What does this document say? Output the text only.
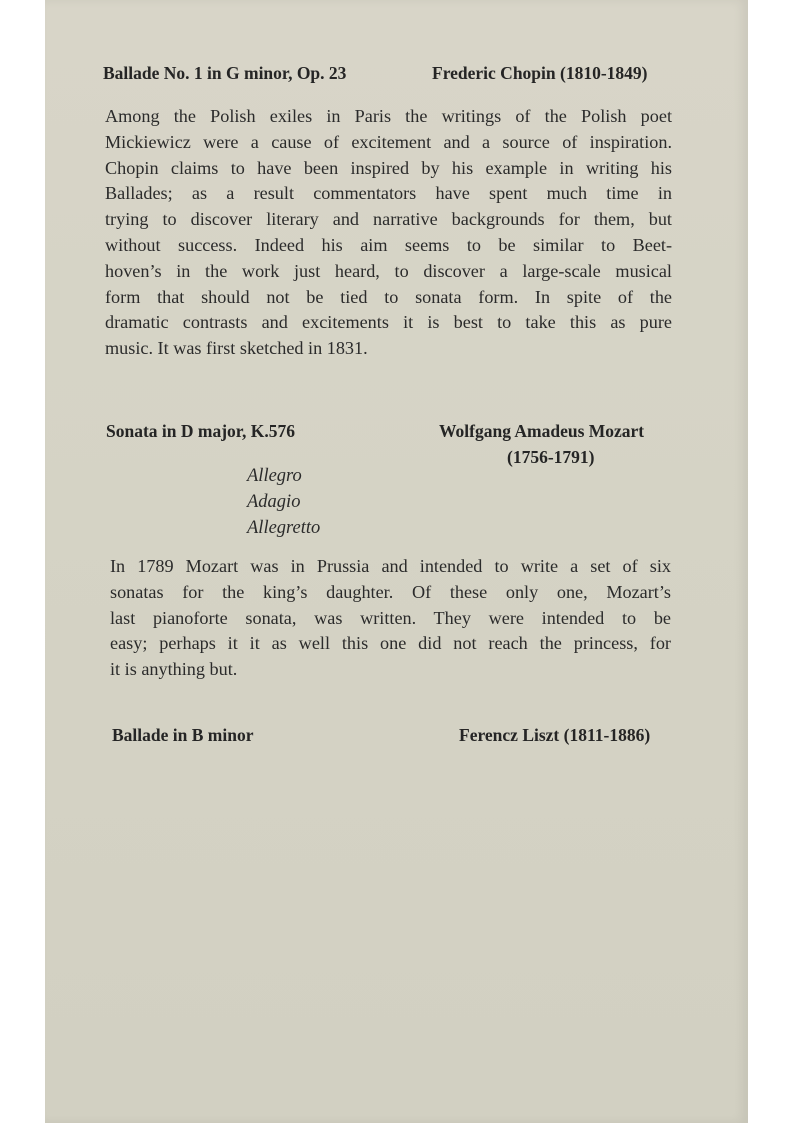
Ballade No. 1 in G minor, Op. 23	Frederic Chopin (1810-1849)
Among the Polish exiles in Paris the writings of the Polish poet
Mickiewicz were a cause of excitement and a source of inspiration.
Chopin claims to have been inspired by his example in writing his
Ballades; as a result commentators have spent much time in
trying to discover literary and narrative backgrounds for them, but
without success. Indeed his aim seems to be similar to Beet-
hoven’s in the work just heard, to discover a large-scale musical
form that should not be tied to sonata form. In spite of the
dramatic contrasts and excitements it is best to take this as pure
music. It was first sketched in 1831.
Sonata in D major, K.576	Wolfgang Amadeus Mozart
(1756-1791)
Allegro
Adagio
Allegretto
In 1789 Mozart was in Prussia and intended to write a set of six
sonatas for the king’s daughter. Of these only one, Mozart’s
last pianoforte sonata, was written. They were intended to be
easy; perhaps it it as well this one did not reach the princess, for
it is anything but.
Ballade in B minor	Ferencz Liszt (1811-1886)
